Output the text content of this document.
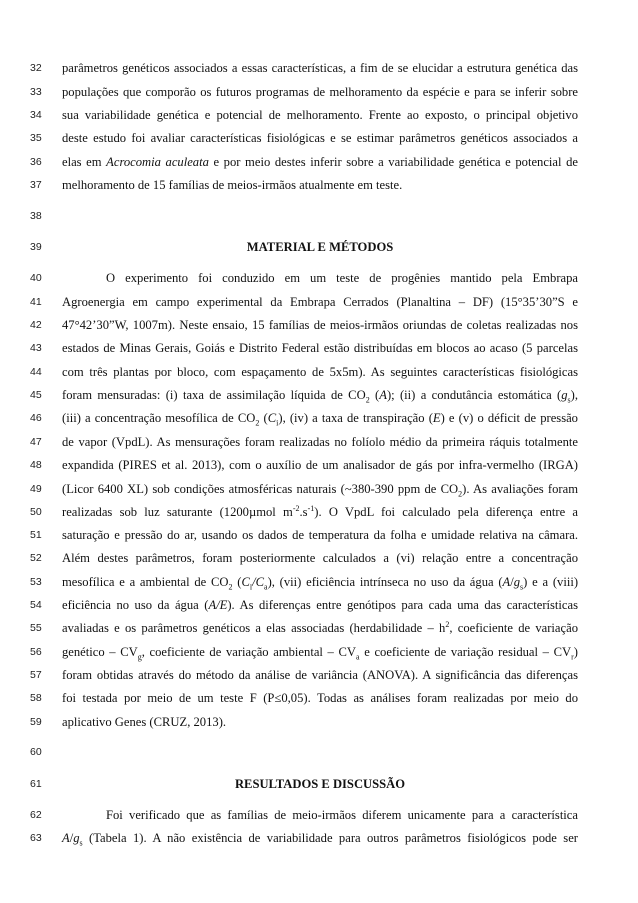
32	parâmetros genéticos associados a essas características, a fim de se elucidar a estrutura genética das
33	populações que comporão os futuros programas de melhoramento da espécie e para se inferir sobre
34	sua variabilidade genética e potencial de melhoramento. Frente ao exposto, o principal objetivo
35	deste estudo foi avaliar características fisiológicas e se estimar parâmetros genéticos associados a
36	elas em Acrocomia aculeata e por meio destes inferir sobre a variabilidade genética e potencial de
37	melhoramento de 15 famílias de meios-irmãos atualmente em teste.
38
39	MATERIAL E MÉTODOS
40	O experimento foi conduzido em um teste de progênies mantido pela Embrapa
41	Agroenergia em campo experimental da Embrapa Cerrados (Planaltina – DF) (15°35’30”S e
42	47°42’30”W, 1007m). Neste ensaio, 15 famílias de meios-irmãos oriundas de coletas realizadas nos
43	estados de Minas Gerais, Goiás e Distrito Federal estão distribuídas em blocos ao acaso (5 parcelas
44	com três plantas por bloco, com espaçamento de 5x5m). As seguintes características fisiológicas
45	foram mensuradas: (i) taxa de assimilação líquida de $CO_2$ (A); (ii) a condutância estomática $(g_s)$,
46	(iii) a concentração mesofílica de $CO_2$ $(C_i)$, (iv) a taxa de transpiração (E) e (v) o déficit de pressão
47	de vapor (VpdL). As mensurações foram realizadas no folíolo médio da primeira ráquis totalmente
48	expandida (PIRES et al. 2013), com o auxílio de um analisador de gás por infra-vermelho (IRGA)
49	(Licor 6400 XL) sob condições atmosféricas naturais (~380-390 ppm de $CO_2$). As avaliações foram
50	realizadas sob luz saturante (1200µmol $m^{-2}.s^{-1}$). O VpdL foi calculado pela diferença entre a
51	saturação e pressão do ar, usando os dados de temperatura da folha e umidade relativa na câmara.
52	Além destes parâmetros, foram posteriormente calculados a (vi) relação entre a concentração
53	mesofílica e a ambiental de $CO_2$ $(C_i/C_a)$, (vii) eficiência intrínseca no uso da água $(A/g_s)$ e a (viii)
54	eficiência no uso da água (A/E). As diferenças entre genótipos para cada uma das características
55	avaliadas e os parâmetros genéticos a elas associadas (herdabilidade – $h^2$, coeficiente de variação
56	genético – $CV_g$, coeficiente de variação ambiental – $CV_a$ e coeficiente de variação residual – $CV_r$)
57	foram obtidas através do método da análise de variância (ANOVA). A significância das diferenças
58	foi testada por meio de um teste F (P≤0,05). Todas as análises foram realizadas por meio do
59	aplicativo Genes (CRUZ, 2013).
60
61	RESULTADOS E DISCUSSÃO
62	Foi verificado que as famílias de meio-irmãos diferem unicamente para a característica
63	$A/g_s$ (Tabela 1). A não existência de variabilidade para outros parâmetros fisiológicos pode ser
